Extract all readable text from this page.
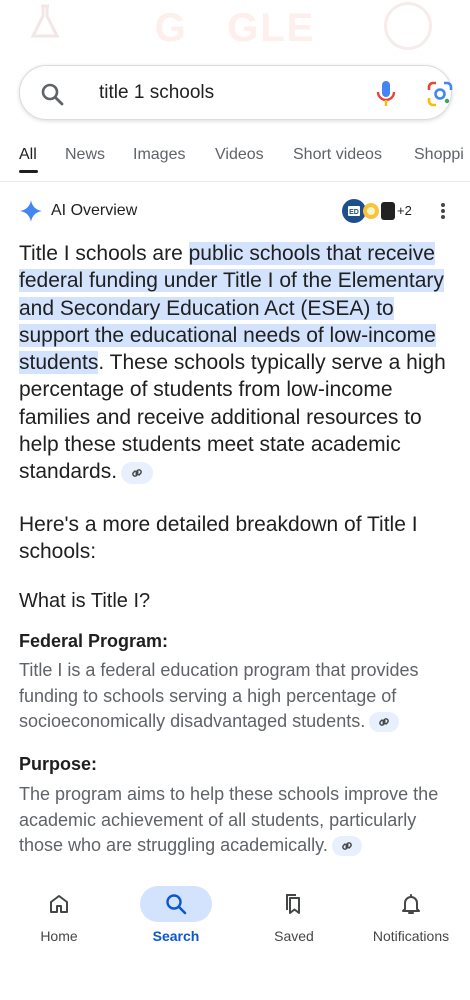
G   GLE
title 1 schools
All News Images Videos Short videos Shoppi
AI Overview	ED	+2
Title I schools are public schools that receive federal funding under Title I of the Elementary and Secondary Education Act (ESEA) to support the educational needs of low-income students. These schools typically serve a high percentage of students from low-income families and receive additional resources to help these students meet state academic standards.
Here's a more detailed breakdown of Title I schools:
What is Title I?
Federal Program:
Title I is a federal education program that provides funding to schools serving a high percentage of socioeconomically disadvantaged students.
Purpose:
The program aims to help these schools improve the academic achievement of all students, particularly those who are struggling academically.
Home	Search	Saved	Notifications
